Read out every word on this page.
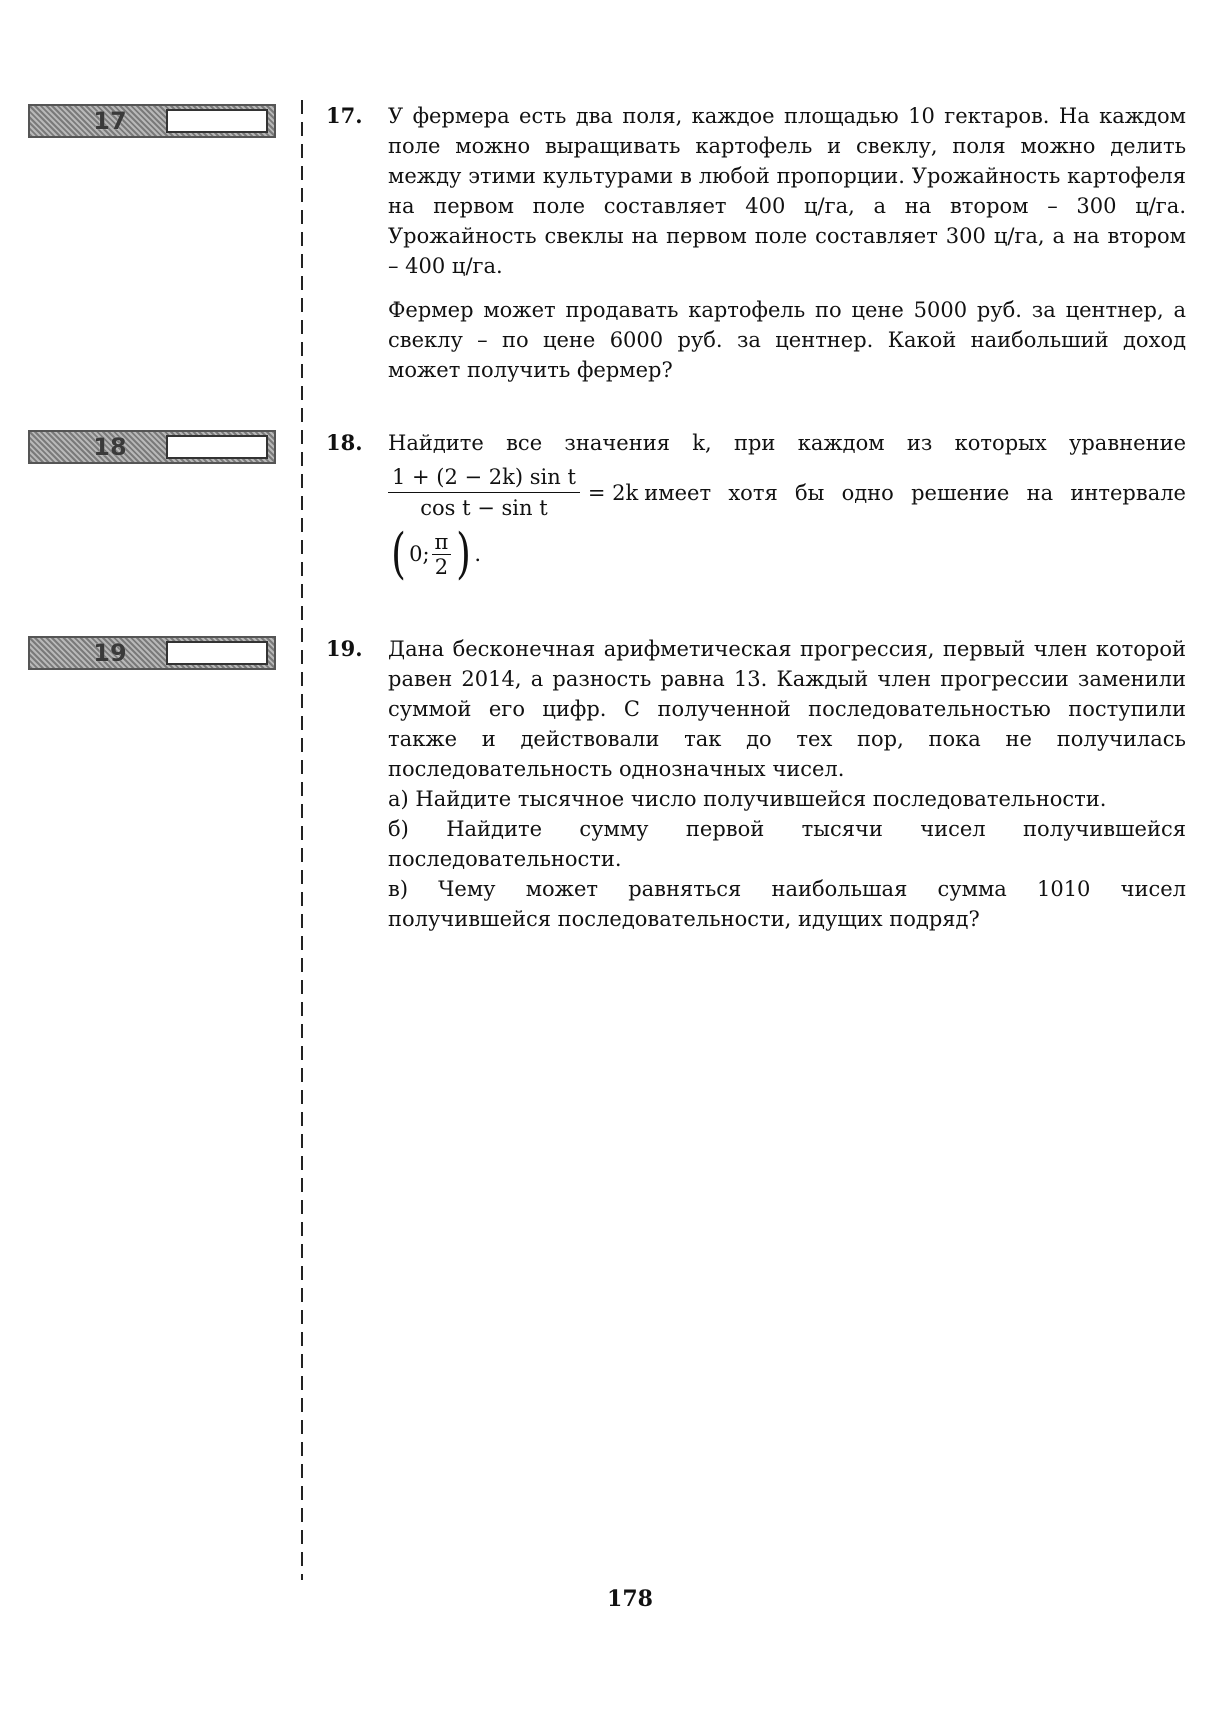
17
18
19
17. У фермера есть два поля, каждое площадью 10 гектаров. На каждом поле можно выращивать картофель и свеклу, поля можно делить между этими культурами в любой пропорции. Урожайность картофеля на первом поле составляет 400 ц/га, а на втором – 300 ц/га. Урожайность свеклы на первом поле составляет 300 ц/га, а на втором – 400 ц/га.

Фермер может продавать картофель по цене 5000 руб. за центнер, а свеклу – по цене 6000 руб. за центнер. Какой наибольший доход может получить фермер?

18. Найдите все значения k, при каждом из которых уравнение
$\frac{\text{1 + (2 − 2k) sin t}}{\text{cos t − sin t}} = 2k$ имеет хотя бы одно решение на интервале
( 0; $\frac{\pi}{2}$ ) .
19. Дана бесконечная арифметическая прогрессия, первый член которой равен 2014, а разность равна 13. Каждый член прогрессии заменили суммой его цифр. С полученной последовательностью поступили также и действовали так до тех пор, пока не получилась последовательность однозначных чисел.
а) Найдите тысячное число получившейся последовательности.
б) Найдите сумму первой тысячи чисел получившейся последовательности.
в) Чему может равняться наибольшая сумма 1010 чисел получившейся последовательности, идущих подряд?
178
